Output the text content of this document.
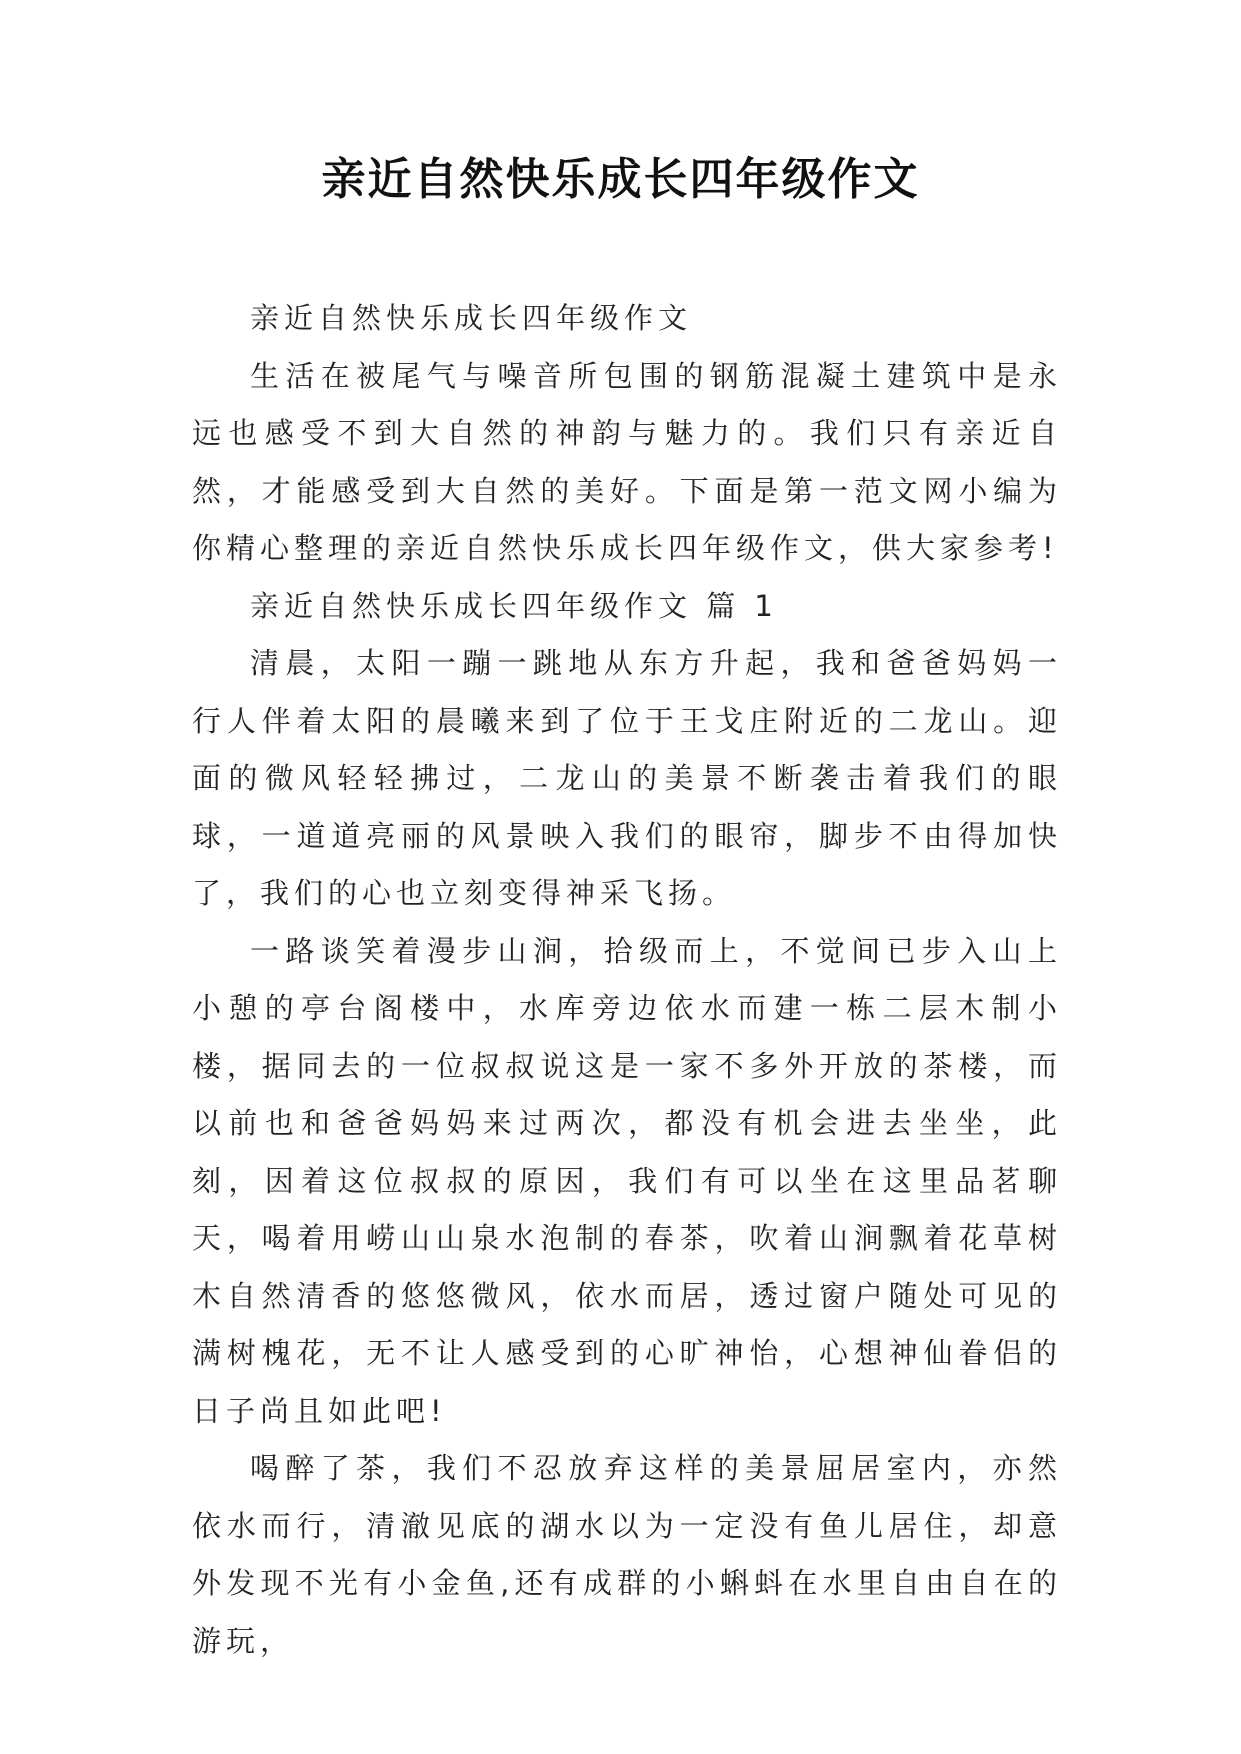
亲近自然快乐成长四年级作文

亲近自然快乐成长四年级作文

生活在被尾气与噪音所包围的钢筋混凝土建筑中是永远也感受不到大自然的神韵与魅力的。我们只有亲近自然，才能感受到大自然的美好。下面是第一范文网小编为你精心整理的亲近自然快乐成长四年级作文，供大家参考!

亲近自然快乐成长四年级作文 篇 1

清晨，太阳一蹦一跳地从东方升起，我和爸爸妈妈一行人伴着太阳的晨曦来到了位于王戈庄附近的二龙山。迎面的微风轻轻拂过，二龙山的美景不断袭击着我们的眼球，一道道亮丽的风景映入我们的眼帘，脚步不由得加快了，我们的心也立刻变得神采飞扬。

一路谈笑着漫步山涧，拾级而上，不觉间已步入山上小憩的亭台阁楼中，水库旁边依水而建一栋二层木制小楼，据同去的一位叔叔说这是一家不多外开放的茶楼，而以前也和爸爸妈妈来过两次，都没有机会进去坐坐，此刻，因着这位叔叔的原因，我们有可以坐在这里品茗聊天，喝着用崂山山泉水泡制的春茶，吹着山涧飘着花草树木自然清香的悠悠微风，依水而居，透过窗户随处可见的满树槐花，无不让人感受到的心旷神怡，心想神仙眷侣的日子尚且如此吧!

喝醉了茶，我们不忍放弃这样的美景屈居室内，亦然依水而行，清澈见底的湖水以为一定没有鱼儿居住，却意外发现不光有小金鱼,还有成群的小蝌蚪在水里自由自在的游玩，
